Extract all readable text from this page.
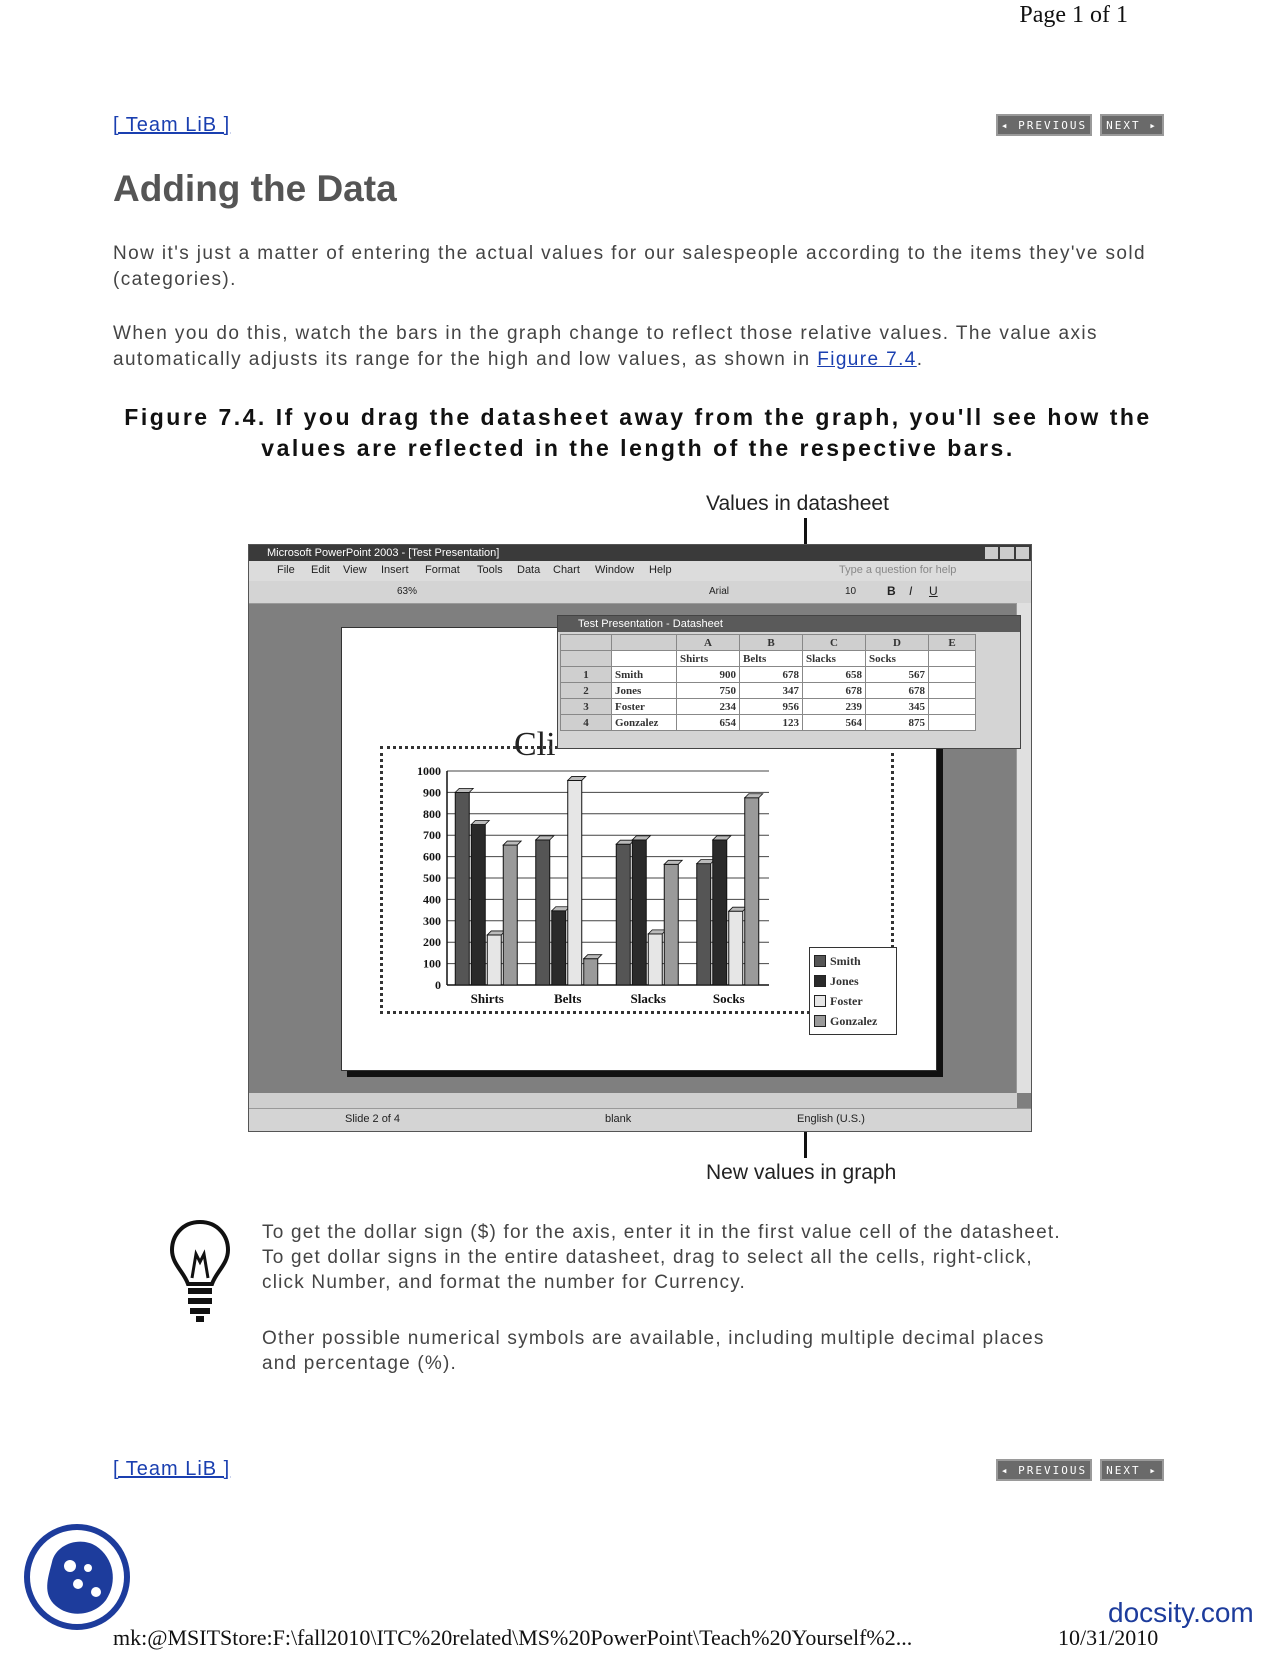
Page 1 of 1
[ Team LiB ]	◂ PREVIOUS	NEXT ▸
Adding the Data

Now it's just a matter of entering the actual values for our salespeople according to the items they've sold (categories).

When you do this, watch the bars in the graph change to reflect those relative values. The value axis automatically adjusts its range for the high and low values, as shown in Figure 7.4.

Figure 7.4. If you drag the datasheet away from the graph, you'll see how the values are reflected in the length of the respective bars.

Values in datasheet
New values in graph
Microsoft PowerPoint 2003 - [Test Presentation]
File Edit View Insert Format Tools Data Chart Window Help	Type a question for help
63%	Arial	10	B I U
Slide 2 of 4	blank	English (U.S.)
Cli
0
100
200
300
400
500
600
700
800
900
1000
Shirts	Belts	Slacks	Socks
Smith
Jones
Foster
Gonzalez
Test Presentation - Datasheet
		A	B	C	D	E
		Shirts	Belts	Slacks	Socks	
1	Smith	900	678	658	567	
2	Jones	750	347	678	678	
3	Foster	234	956	239	345	
4	Gonzalez	654	123	564	875	

To get the dollar sign ($) for the axis, enter it in the first value cell of the datasheet. To get dollar signs in the entire datasheet, drag to select all the cells, right-click, click Number, and format the number for Currency.

Other possible numerical symbols are available, including multiple decimal places and percentage (%).

[ Team LiB ]	◂ PREVIOUS	NEXT ▸
docsity.com
mk:@MSITStore:F:\fall2010\ITC%20related\MS%20PowerPoint\Teach%20Yourself%2...	10/31/2010
